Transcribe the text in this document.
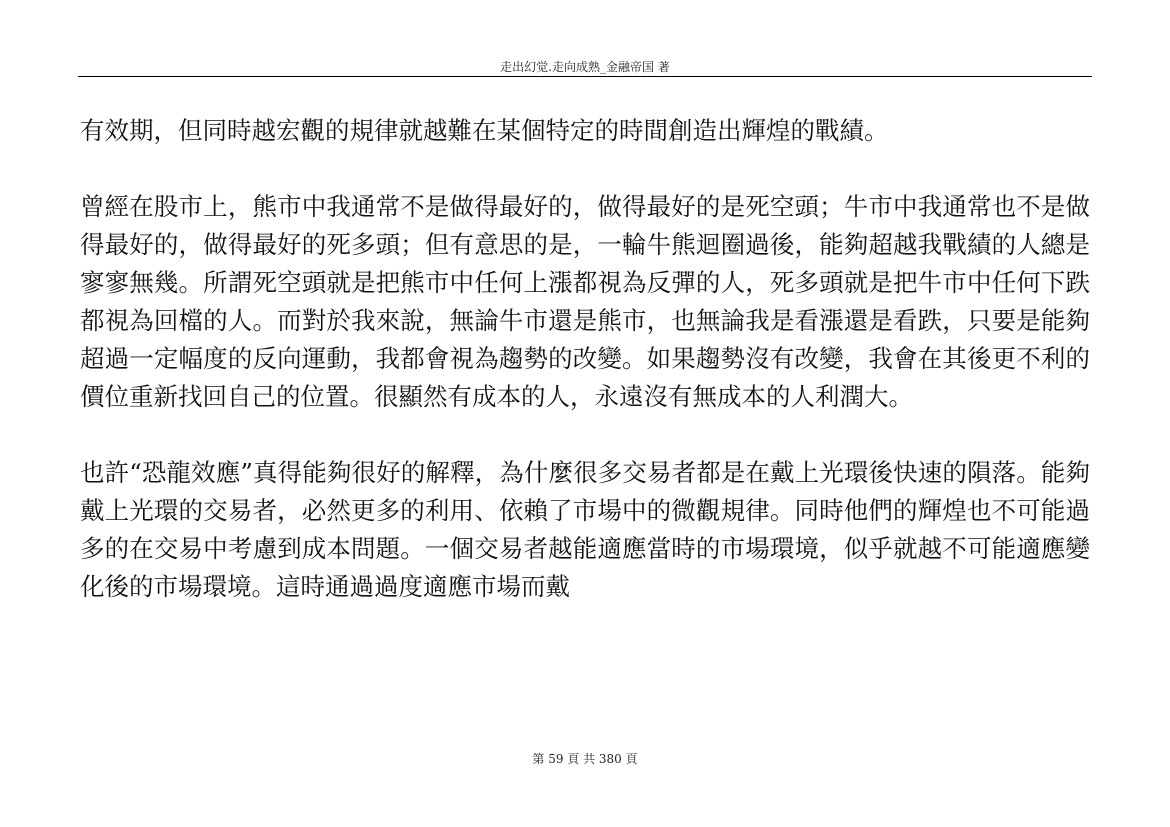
走出幻觉.走向成熟_金融帝国 著

有效期，但同時越宏觀的規律就越難在某個特定的時間創造出輝煌的戰績。

曾經在股市上，熊市中我通常不是做得最好的，做得最好的是死空頭；牛市中我通常也不是做得最好的，做得最好的死多頭；但有意思的是，一輪牛熊迴圈過後，能夠超越我戰績的人總是寥寥無幾。所謂死空頭就是把熊市中任何上漲都視為反彈的人，死多頭就是把牛市中任何下跌都視為回檔的人。而對於我來說，無論牛市還是熊市，也無論我是看漲還是看跌，只要是能夠超過一定幅度的反向運動，我都會視為趨勢的改變。如果趨勢沒有改變，我會在其後更不利的價位重新找回自己的位置。很顯然有成本的人，永遠沒有無成本的人利潤大。

也許“恐龍效應”真得能夠很好的解釋，為什麼很多交易者都是在戴上光環後快速的隕落。能夠戴上光環的交易者，必然更多的利用、依賴了市場中的微觀規律。同時他們的輝煌也不可能過多的在交易中考慮到成本問題。一個交易者越能適應當時的市場環境，似乎就越不可能適應變化後的市場環境。這時通過過度適應市場而戴

第 59 頁 共 380 頁
